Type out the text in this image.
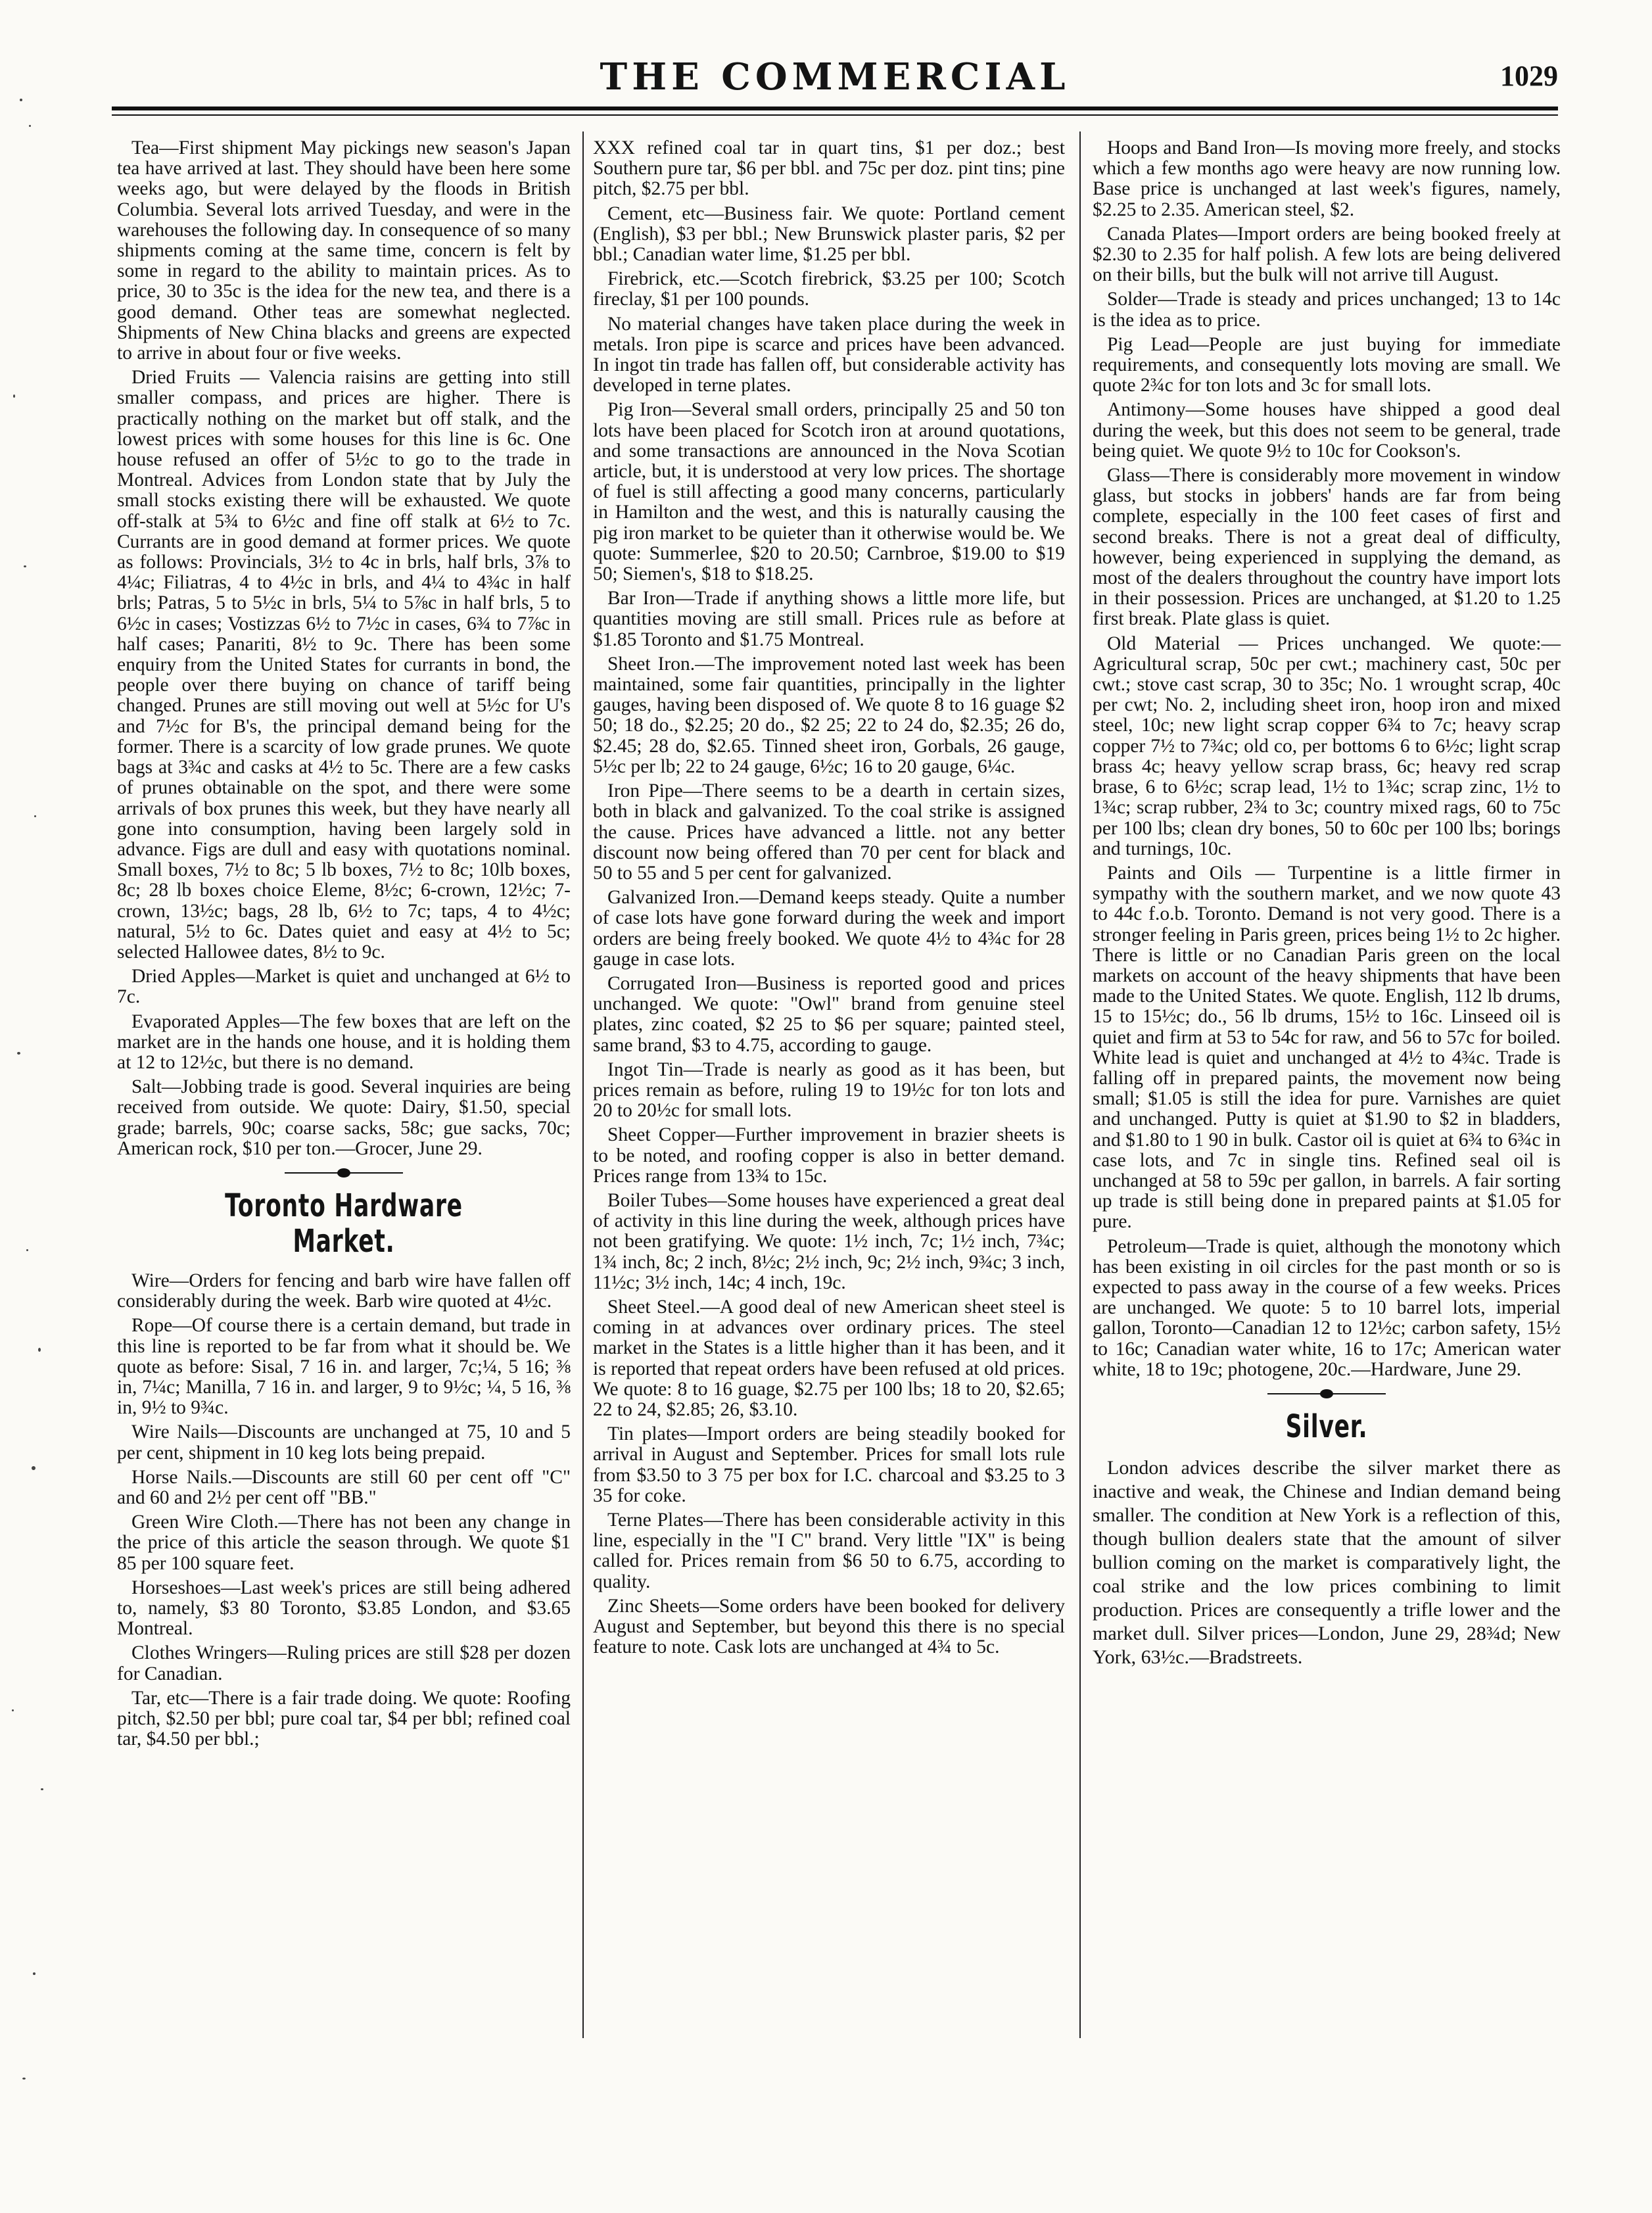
THE COMMERCIAL	1029

Tea—First shipment May pickings new season's Japan tea have arrived at last. They should have been here some weeks ago, but were delayed by the floods in British Columbia. Several lots arrived Tuesday, and were in the warehouses the following day. In consequence of so many shipments coming at the same time, concern is felt by some in regard to the ability to maintain prices. As to price, 30 to 35c is the idea for the new tea, and there is a good demand. Other teas are somewhat neglected. Shipments of New China blacks and greens are expected to arrive in about four or five weeks.

Dried Fruits — Valencia raisins are getting into still smaller compass, and prices are higher. There is practically nothing on the market but off stalk, and the lowest prices with some houses for this line is 6c. One house refused an offer of 5½c to go to the trade in Montreal. Advices from London state that by July the small stocks existing there will be exhausted. We quote off-stalk at 5¾ to 6½c and fine off stalk at 6½ to 7c. Currants are in good demand at former prices. We quote as follows: Provincials, 3½ to 4c in brls, half brls, 3⅞ to 4¼c; Filiatras, 4 to 4½c in brls, and 4¼ to 4¾c in half brls; Patras, 5 to 5½c in brls, 5¼ to 5⅞c in half brls, 5 to 6½c in cases; Vostizzas 6½ to 7½c in cases, 6¾ to 7⅞c in half cases; Panariti, 8½ to 9c. There has been some enquiry from the United States for currants in bond, the people over there buying on chance of tariff being changed. Prunes are still moving out well at 5½c for U's and 7½c for B's, the principal demand being for the former. There is a scarcity of low grade prunes. We quote bags at 3¾c and casks at 4½ to 5c. There are a few casks of prunes obtainable on the spot, and there were some arrivals of box prunes this week, but they have nearly all gone into consumption, having been largely sold in advance. Figs are dull and easy with quotations nominal. Small boxes, 7½ to 8c; 5 lb boxes, 7½ to 8c; 10lb boxes, 8c; 28 lb boxes choice Eleme, 8½c; 6-crown, 12½c; 7-crown, 13½c; bags, 28 lb, 6½ to 7c; taps, 4 to 4½c; natural, 5½ to 6c. Dates quiet and easy at 4½ to 5c; selected Hallowee dates, 8½ to 9c.

Dried Apples—Market is quiet and unchanged at 6½ to 7c.

Evaporated Apples—The few boxes that are left on the market are in the hands one house, and it is holding them at 12 to 12½c, but there is no demand.

Salt—Jobbing trade is good. Several inquiries are being received from outside. We quote: Dairy, $1.50, special grade; barrels, 90c; coarse sacks, 58c; gue sacks, 70c; American rock, $10 per ton.—Grocer, June 29.

Toronto Hardware Market.

Wire—Orders for fencing and barb wire have fallen off considerably during the week. Barb wire quoted at 4½c.

Rope—Of course there is a certain demand, but trade in this line is reported to be far from what it should be. We quote as before: Sisal, 7 16 in. and larger, 7c;¼, 5 16; ⅜ in, 7¼c; Manilla, 7 16 in. and larger, 9 to 9½c; ¼, 5 16, ⅜ in, 9½ to 9¾c.

Wire Nails—Discounts are unchanged at 75, 10 and 5 per cent, shipment in 10 keg lots being prepaid.

Horse Nails.—Discounts are still 60 per cent off "C" and 60 and 2½ per cent off "BB."

Green Wire Cloth.—There has not been any change in the price of this article the season through. We quote $1 85 per 100 square feet.

Horseshoes—Last week's prices are still being adhered to, namely, $3 80 Toronto, $3.85 London, and $3.65 Montreal.

Clothes Wringers—Ruling prices are still $28 per dozen for Canadian.

Tar, etc—There is a fair trade doing. We quote: Roofing pitch, $2.50 per bbl; pure coal tar, $4 per bbl; refined coal tar, $4.50 per bbl.;

XXX refined coal tar in quart tins, $1 per doz.; best Southern pure tar, $6 per bbl. and 75c per doz. pint tins; pine pitch, $2.75 per bbl.

Cement, etc—Business fair. We quote: Portland cement (English), $3 per bbl.; New Brunswick plaster paris, $2 per bbl.; Canadian water lime, $1.25 per bbl.

Firebrick, etc.—Scotch firebrick, $3.25 per 100; Scotch fireclay, $1 per 100 pounds.

No material changes have taken place during the week in metals. Iron pipe is scarce and prices have been advanced. In ingot tin trade has fallen off, but considerable activity has developed in terne plates.

Pig Iron—Several small orders, principally 25 and 50 ton lots have been placed for Scotch iron at around quotations, and some transactions are announced in the Nova Scotian article, but, it is understood at very low prices. The shortage of fuel is still affecting a good many concerns, particularly in Hamilton and the west, and this is naturally causing the pig iron market to be quieter than it otherwise would be. We quote: Summerlee, $20 to 20.50; Carnbroe, $19.00 to $19 50; Siemen's, $18 to $18.25.

Bar Iron—Trade if anything shows a little more life, but quantities moving are still small. Prices rule as before at $1.85 Toronto and $1.75 Montreal.

Sheet Iron.—The improvement noted last week has been maintained, some fair quantities, principally in the lighter gauges, having been disposed of. We quote 8 to 16 guage $2 50; 18 do., $2.25; 20 do., $2 25; 22 to 24 do, $2.35; 26 do, $2.45; 28 do, $2.65. Tinned sheet iron, Gorbals, 26 gauge, 5½c per lb; 22 to 24 gauge, 6½c; 16 to 20 gauge, 6¼c.

Iron Pipe—There seems to be a dearth in certain sizes, both in black and galvanized. To the coal strike is assigned the cause. Prices have advanced a little. not any better discount now being offered than 70 per cent for black and 50 to 55 and 5 per cent for galvanized.

Galvanized Iron.—Demand keeps steady. Quite a number of case lots have gone forward during the week and import orders are being freely booked. We quote 4½ to 4¾c for 28 gauge in case lots.

Corrugated Iron—Business is reported good and prices unchanged. We quote: "Owl" brand from genuine steel plates, zinc coated, $2 25 to $6 per square; painted steel, same brand, $3 to 4.75, according to gauge.

Ingot Tin—Trade is nearly as good as it has been, but prices remain as before, ruling 19 to 19½c for ton lots and 20 to 20½c for small lots.

Sheet Copper—Further improvement in brazier sheets is to be noted, and roofing copper is also in better demand. Prices range from 13¾ to 15c.

Boiler Tubes—Some houses have experienced a great deal of activity in this line during the week, although prices have not been gratifying. We quote: 1½ inch, 7c; 1½ inch, 7¾c; 1¾ inch, 8c; 2 inch, 8½c; 2½ inch, 9c; 2½ inch, 9¾c; 3 inch, 11½c; 3½ inch, 14c; 4 inch, 19c.

Sheet Steel.—A good deal of new American sheet steel is coming in at advances over ordinary prices. The steel market in the States is a little higher than it has been, and it is reported that repeat orders have been refused at old prices. We quote: 8 to 16 guage, $2.75 per 100 lbs; 18 to 20, $2.65; 22 to 24, $2.85; 26, $3.10.

Tin plates—Import orders are being steadily booked for arrival in August and September. Prices for small lots rule from $3.50 to 3 75 per box for I.C. charcoal and $3.25 to 3 35 for coke.

Terne Plates—There has been considerable activity in this line, especially in the "I C" brand. Very little "IX" is being called for. Prices remain from $6 50 to 6.75, according to quality.

Zinc Sheets—Some orders have been booked for delivery August and September, but beyond this there is no special feature to note. Cask lots are unchanged at 4¾ to 5c.

Hoops and Band Iron—Is moving more freely, and stocks which a few months ago were heavy are now running low. Base price is unchanged at last week's figures, namely, $2.25 to 2.35. American steel, $2.

Canada Plates—Import orders are being booked freely at $2.30 to 2.35 for half polish. A few lots are being delivered on their bills, but the bulk will not arrive till August.

Solder—Trade is steady and prices unchanged; 13 to 14c is the idea as to price.

Pig Lead—People are just buying for immediate requirements, and consequently lots moving are small. We quote 2¾c for ton lots and 3c for small lots.

Antimony—Some houses have shipped a good deal during the week, but this does not seem to be general, trade being quiet. We quote 9½ to 10c for Cookson's.

Glass—There is considerably more movement in window glass, but stocks in jobbers' hands are far from being complete, especially in the 100 feet cases of first and second breaks. There is not a great deal of difficulty, however, being experienced in supplying the demand, as most of the dealers throughout the country have import lots in their possession. Prices are unchanged, at $1.20 to 1.25 first break. Plate glass is quiet.

Old Material — Prices unchanged. We quote:—Agricultural scrap, 50c per cwt.; machinery cast, 50c per cwt.; stove cast scrap, 30 to 35c; No. 1 wrought scrap, 40c per cwt; No. 2, including sheet iron, hoop iron and mixed steel, 10c; new light scrap copper 6¾ to 7c; heavy scrap copper 7½ to 7¾c; old co, per bottoms 6 to 6½c; light scrap brass 4c; heavy yellow scrap brass, 6c; heavy red scrap brase, 6 to 6½c; scrap lead, 1½ to 1¾c; scrap zinc, 1½ to 1¾c; scrap rubber, 2¾ to 3c; country mixed rags, 60 to 75c per 100 lbs; clean dry bones, 50 to 60c per 100 lbs; borings and turnings, 10c.

Paints and Oils — Turpentine is a little firmer in sympathy with the southern market, and we now quote 43 to 44c f.o.b. Toronto. Demand is not very good. There is a stronger feeling in Paris green, prices being 1½ to 2c higher. There is little or no Canadian Paris green on the local markets on account of the heavy shipments that have been made to the United States. We quote. English, 112 lb drums, 15 to 15½c; do., 56 lb drums, 15½ to 16c. Linseed oil is quiet and firm at 53 to 54c for raw, and 56 to 57c for boiled. White lead is quiet and unchanged at 4½ to 4¾c. Trade is falling off in prepared paints, the movement now being small; $1.05 is still the idea for pure. Varnishes are quiet and unchanged. Putty is quiet at $1.90 to $2 in bladders, and $1.80 to 1 90 in bulk. Castor oil is quiet at 6¾ to 6¾c in case lots, and 7c in single tins. Refined seal oil is unchanged at 58 to 59c per gallon, in barrels. A fair sorting up trade is still being done in prepared paints at $1.05 for pure.

Petroleum—Trade is quiet, although the monotony which has been existing in oil circles for the past month or so is expected to pass away in the course of a few weeks. Prices are unchanged. We quote: 5 to 10 barrel lots, imperial gallon, Toronto—Canadian 12 to 12½c; carbon safety, 15½ to 16c; Canadian water white, 16 to 17c; American water white, 18 to 19c; photogene, 20c.—Hardware, June 29.

Silver.

London advices describe the silver market there as inactive and weak, the Chinese and Indian demand being smaller. The condition at New York is a reflection of this, though bullion dealers state that the amount of silver bullion coming on the market is comparatively light, the coal strike and the low prices combining to limit production. Prices are consequently a trifle lower and the market dull. Silver prices—London, June 29, 28¾d; New York, 63½c.—Bradstreets.
